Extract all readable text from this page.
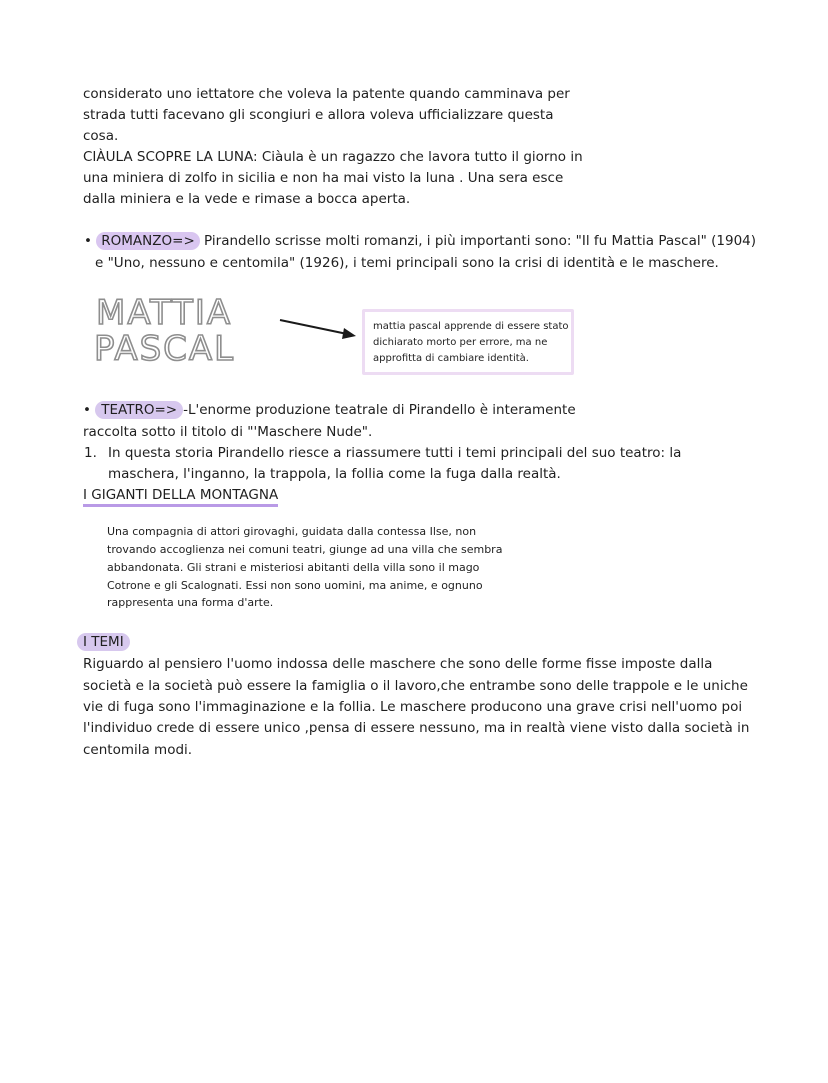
considerato uno iettatore che voleva la patente quando camminava per
strada tutti facevano gli scongiuri e allora voleva ufficializzare questa
cosa.
CIÀULA SCOPRE LA LUNA: Ciàula è un ragazzo che lavora tutto il giorno in
una miniera di zolfo in sicilia e non ha mai visto la luna . Una sera esce
dalla miniera e la vede e rimase a bocca aperta.
• ROMANZO=> Pirandello scrisse molti romanzi, i più importanti sono: "Il fu Mattia Pascal" (1904)
e "Uno, nessuno e centomila" (1926), i temi principali sono la crisi di identità e le maschere.
MATTIA
PASCAL
mattia pascal apprende di essere stato
dichiarato morto per errore, ma ne
approfitta di cambiare identità.
• TEATRO=> -L'enorme produzione teatrale di Pirandello è interamente
raccolta sotto il titolo di "'Maschere Nude".
1. In questa storia Pirandello riesce a riassumere tutti i temi principali del suo teatro: la
maschera, l'inganno, la trappola, la follia come la fuga dalla realtà.
I GIGANTI DELLA MONTAGNA
Una compagnia di attori girovaghi, guidata dalla contessa Ilse, non
trovando accoglienza nei comuni teatri, giunge ad una villa che sembra
abbandonata. Gli strani e misteriosi abitanti della villa sono il mago
Cotrone e gli Scalognati. Essi non sono uomini, ma anime, e ognuno
rappresenta una forma d'arte.
I TEMI
Riguardo al pensiero l'uomo indossa delle maschere che sono delle forme fisse imposte dalla
società e la società può essere la famiglia o il lavoro,che entrambe sono delle trappole e le uniche
vie di fuga sono l'immaginazione e la follia. Le maschere producono una grave crisi nell'uomo poi
l'individuo crede di essere unico ,pensa di essere nessuno, ma in realtà viene visto dalla società in
centomila modi.
